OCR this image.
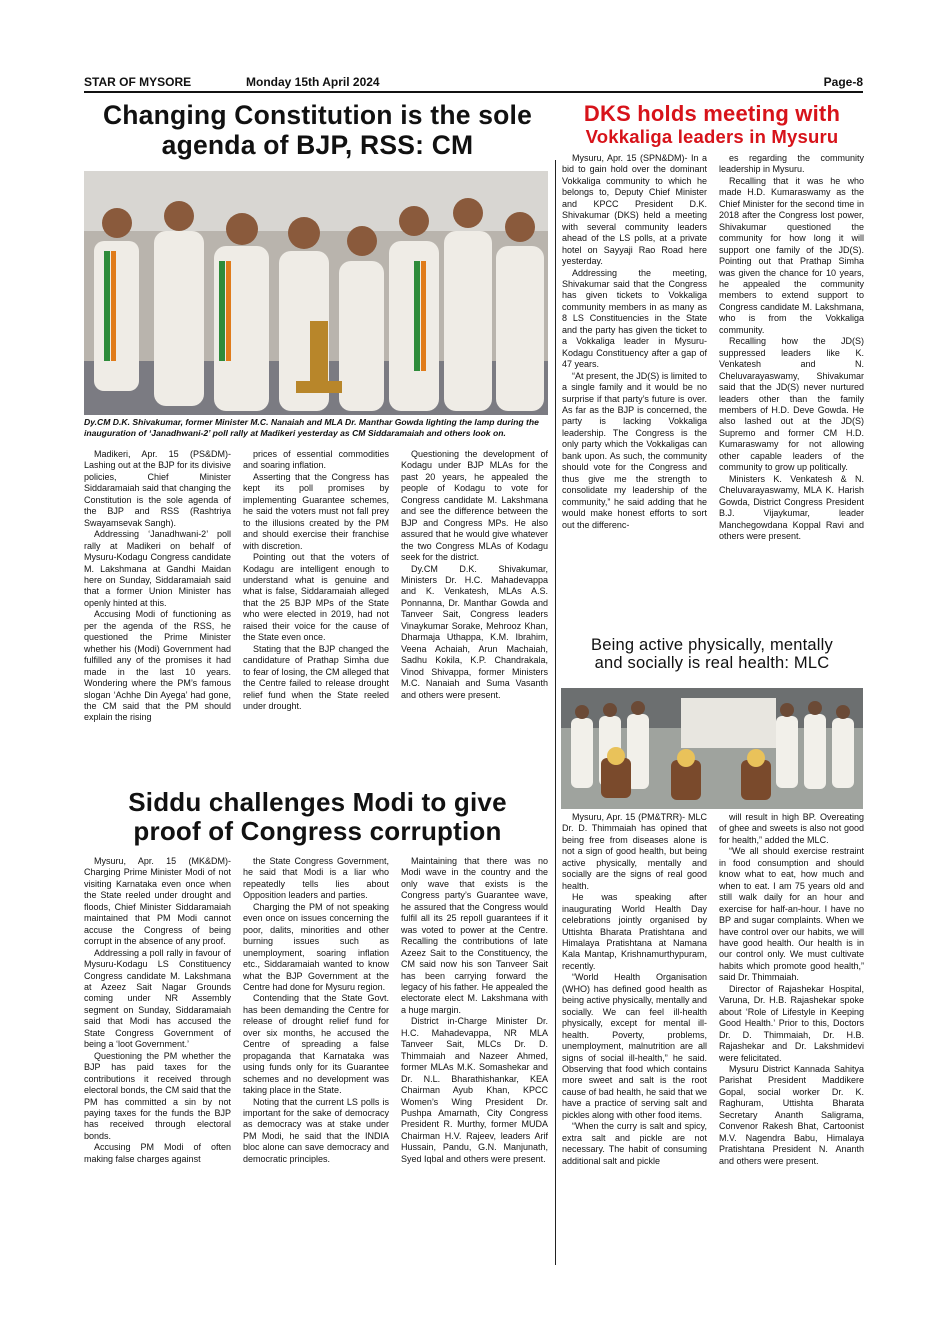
STAR OF MYSORE	Monday 15th April 2024	Page-8
Changing Constitution is the sole
agenda of BJP, RSS: CM
Dy.CM D.K. Shivakumar, former Minister M.C. Nanaiah and MLA Dr. Manthar Gowda lighting the lamp during the inauguration of ‘Janadhwani-2’ poll rally at Madikeri yesterday as CM Siddaramaiah and others look on.

Madikeri, Apr. 15 (PS&DM)-Lashing out at the BJP for its divisive policies, Chief Minister Siddaramaiah said that changing the Constitution is the sole agenda of the BJP and RSS (Rashtriya Swayamsevak Sangh).

Addressing ‘Janadhwani-2’ poll rally at Madikeri on behalf of Mysuru-Kodagu Congress candidate M. Lakshmana at Gandhi Maidan here on Sunday, Siddaramaiah said that a former Union Minister has openly hinted at this.

Accusing Modi of functioning as per the agenda of the RSS, he questioned the Prime Minister whether his (Modi) Government had fulfilled any of the promises it had made in the last 10 years. Wondering where the PM’s famous slogan ‘Achhe Din Ayega’ had gone, the CM said that the PM should explain the rising

prices of essential commodities and soaring inflation.

Asserting that the Congress has kept its poll promises by implementing Guarantee schemes, he said the voters must not fall prey to the illusions created by the PM and should exercise their franchise with discretion.

Pointing out that the voters of Kodagu are intelligent enough to understand what is genuine and what is false, Siddaramaiah alleged that the 25 BJP MPs of the State who were elected in 2019, had not raised their voice for the cause of the State even once.

Stating that the BJP changed the candidature of Prathap Simha due to fear of losing, the CM alleged that the Centre failed to release drought relief fund when the State reeled under drought.

Questioning the development of Kodagu under BJP MLAs for the past 20 years, he appealed the people of Kodagu to vote for Congress candidate M. Lakshmana and see the difference between the BJP and Congress MPs. He also assured that he would give whatever the two Congress MLAs of Kodagu seek for the district.

Dy.CM D.K. Shivakumar, Ministers Dr. H.C. Mahadevappa and K. Venkatesh, MLAs A.S. Ponnanna, Dr. Manthar Gowda and Tanveer Sait, Congress leaders Vinaykumar Sorake, Mehrooz Khan, Dharmaja Uthappa, K.M. Ibrahim, Veena Achaiah, Arun Machaiah, Sadhu Kokila, K.P. Chandrakala, Vinod Shivappa, former Ministers M.C. Nanaiah and Suma Vasanth and others were present.

DKS holds meeting with
Vokkaliga leaders in Mysuru

Mysuru, Apr. 15 (SPN&DM)- In a bid to gain hold over the dominant Vokkaliga community to which he belongs to, Deputy Chief Minister and KPCC President D.K. Shivakumar (DKS) held a meeting with several community leaders ahead of the LS polls, at a private hotel on Sayyaji Rao Road here yesterday.

Addressing the meeting, Shivakumar said that the Congress has given tickets to Vokkaliga community members in as many as 8 LS Constituencies in the State and the party has given the ticket to a Vokkaliga leader in Mysuru-Kodagu Constituency after a gap of 47 years.

“At present, the JD(S) is limited to a single family and it would be no surprise if that party’s future is over. As far as the BJP is concerned, the party is lacking Vokkaliga leadership. The Congress is the only party which the Vokkaligas can bank upon. As such, the community should vote for the Congress and thus give me the strength to consolidate my leadership of the community,” he said adding that he would make honest efforts to sort out the differenc-

es regarding the community leadership in Mysuru.

Recalling that it was he who made H.D. Kumaraswamy as the Chief Minister for the second time in 2018 after the Congress lost power, Shivakumar questioned the community for how long it will support one family of the JD(S). Pointing out that Prathap Simha was given the chance for 10 years, he appealed the community members to extend support to Congress candidate M. Lakshmana, who is from the Vokkaliga community.

Recalling how the JD(S) suppressed leaders like K. Venkatesh and N. Cheluvarayaswamy, Shivakumar said that the JD(S) never nurtured leaders other than the family members of H.D. Deve Gowda. He also lashed out at the JD(S) Supremo and former CM H.D. Kumaraswamy for not allowing other capable leaders of the community to grow up politically.

Ministers K. Venkatesh & N. Cheluvarayaswamy, MLA K. Harish Gowda, District Congress President B.J. Vijaykumar, leader Manchegowdana Koppal Ravi and others were present.

Being active physically, mentally
and socially is real health: MLC

Mysuru, Apr. 15 (PM&TRR)- MLC Dr. D. Thimmaiah has opined that being free from diseases alone is not a sign of good health, but being active physically, mentally and socially are the signs of real good health.

He was speaking after inaugurating World Health Day celebrations jointly organised by Uttishta Bharata Pratishtana and Himalaya Pratishtana at Namana Kala Mantap, Krishnamurthypuram, recently.

“World Health Organisation (WHO) has defined good health as being active physically, mentally and socially. We can feel ill-health physically, except for mental ill-health. Poverty, problems, unemployment, malnutrition are all signs of social ill-health,” he said. Observing that food which contains more sweet and salt is the root cause of bad health, he said that we have a practice of serving salt and pickles along with other food items.

“When the curry is salt and spicy, extra salt and pickle are not necessary. The habit of consuming additional salt and pickle

will result in high BP. Overeating of ghee and sweets is also not good for health,” added the MLC.

“We all should exercise restraint in food consumption and should know what to eat, how much and when to eat. I am 75 years old and still walk daily for an hour and exercise for half-an-hour. I have no BP and sugar complaints. When we have control over our habits, we will have good health. Our health is in our control only. We must cultivate habits which promote good health,” said Dr. Thimmaiah.

Director of Rajashekar Hospital, Varuna, Dr. H.B. Rajashekar spoke about ‘Role of Lifestyle in Keeping Good Health.’ Prior to this, Doctors Dr. D. Thimmaiah, Dr. H.B. Rajashekar and Dr. Lakshmidevi were felicitated.

Mysuru District Kannada Sahitya Parishat President Maddikere Gopal, social worker Dr. K. Raghuram, Uttishta Bharata Secretary Ananth Saligrama, Convenor Rakesh Bhat, Cartoonist M.V. Nagendra Babu, Himalaya Pratishtana President N. Ananth and others were present.

Siddu challenges Modi to give
proof of Congress corruption

Mysuru, Apr. 15 (MK&DM)- Charging Prime Minister Modi of not visiting Karnataka even once when the State reeled under drought and floods, Chief Minister Siddaramaiah maintained that PM Modi cannot accuse the Congress of being corrupt in the absence of any proof.

Addressing a poll rally in favour of Mysuru-Kodagu LS Constituency Congress candidate M. Lakshmana at Azeez Sait Nagar Grounds coming under NR Assembly segment on Sunday, Siddaramaiah said that Modi has accused the State Congress Government of being a ‘loot Government.’

Questioning the PM whether the BJP has paid taxes for the contributions it received through electoral bonds, the CM said that the PM has committed a sin by not paying taxes for the funds the BJP has received through electoral bonds.

Accusing PM Modi of often making false charges against

the State Congress Government, he said that Modi is a liar who repeatedly tells lies about Opposition leaders and parties.

Charging the PM of not speaking even once on issues concerning the poor, dalits, minorities and other burning issues such as unemployment, soaring inflation etc., Siddaramaiah wanted to know what the BJP Government at the Centre had done for Mysuru region.

Contending that the State Govt. has been demanding the Centre for release of drought relief fund for over six months, he accused the Centre of spreading a false propaganda that Karnataka was using funds only for its Guarantee schemes and no development was taking place in the State.

Noting that the current LS polls is important for the sake of democracy as democracy was at stake under PM Modi, he said that the INDIA bloc alone can save democracy and democratic principles.

Maintaining that there was no Modi wave in the country and the only wave that exists is the Congress party’s Guarantee wave, he assured that the Congress would fulfil all its 25 repoll guarantees if it was voted to power at the Centre. Recalling the contributions of late Azeez Sait to the Constituency, the CM said now his son Tanveer Sait has been carrying forward the legacy of his father. He appealed the electorate elect M. Lakshmana with a huge margin.

District in-Charge Minister Dr. H.C. Mahadevappa, NR MLA Tanveer Sait, MLCs Dr. D. Thimmaiah and Nazeer Ahmed, former MLAs M.K. Somashekar and Dr. N.L. Bharathishankar, KEA Chairman Ayub Khan, KPCC Women’s Wing President Dr. Pushpa Amarnath, City Congress President R. Murthy, former MUDA Chairman H.V. Rajeev, leaders Arif Hussain, Pandu, G.N. Manjunath, Syed Iqbal and others were present.
